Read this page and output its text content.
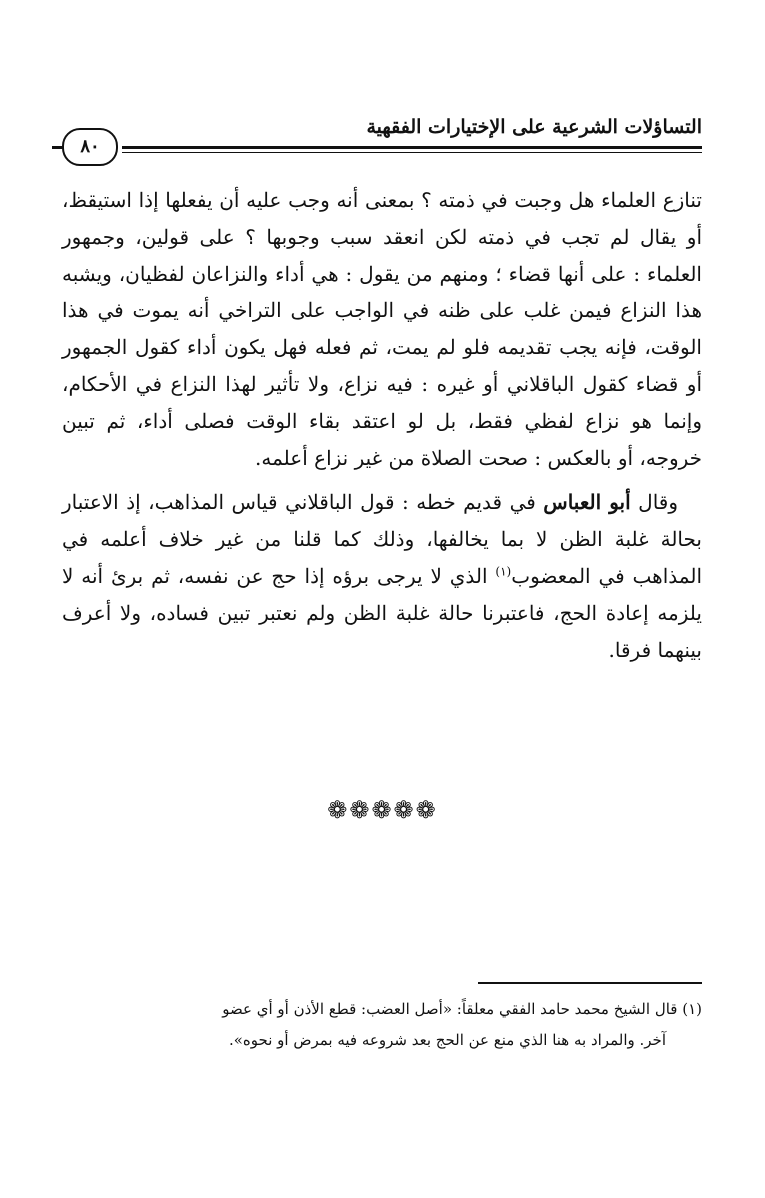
التساؤلات الشرعية على الإختيارات الفقهية
٨٠

تنازع العلماء هل وجبت في ذمته ؟ بمعنى أنه وجب عليه أن يفعلها إذا استيقظ، أو يقال لم تجب في ذمته لكن انعقد سبب وجوبها ؟ على قولين، وجمهور العلماء : على أنها قضاء ؛ ومنهم من يقول : هي أداء والنزاعان لفظيان، ويشبه هذا النزاع فيمن غلب على ظنه في الواجب على التراخي أنه يموت في هذا الوقت، فإنه يجب تقديمه فلو لم يمت، ثم فعله فهل يكون أداء كقول الجمهور أو قضاء كقول الباقلاني أو غيره : فيه نزاع، ولا تأثير لهذا النزاع في الأحكام، وإنما هو نزاع لفظي فقط، بل لو اعتقد بقاء الوقت فصلى أداء، ثم تبين خروجه، أو بالعكس : صحت الصلاة من غير نزاع أعلمه.

وقال أبو العباس في قديم خطه : قول الباقلاني قياس المذاهب، إذ الاعتبار بحالة غلبة الظن لا بما يخالفها، وذلك كما قلنا من غير خلاف أعلمه في المذاهب في المعضوب$^{(١)}$ الذي لا يرجى برؤه إذا حج عن نفسه، ثم برئ أنه لا يلزمه إعادة الحج، فاعتبرنا حالة غلبة الظن ولم نعتبر تبين فساده، ولا أعرف بينهما فرقا.

❁❁❁❁❁
(١) قال الشيخ محمد حامد الفقي معلقاً: «أصل العضب: قطع الأذن أو أي عضو
آخر. والمراد به هنا الذي منع عن الحج بعد شروعه فيه بمرض أو نحوه».
